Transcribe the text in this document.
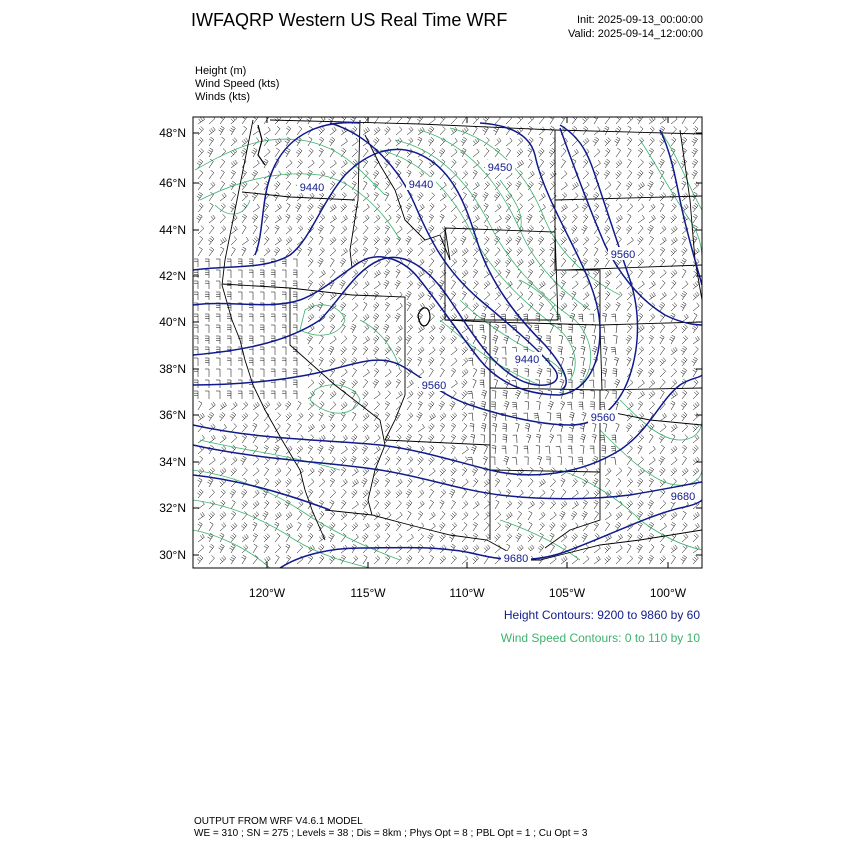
IWFAQRP Western US Real Time WRF	Init: 2025-09-13_00:00:00
Valid: 2025-09-14_12:00:00
Height (m)
Wind Speed (kts)
Winds (kts)
48°N
46°N
44°N
42°N
40°N
38°N
36°N
34°N
32°N
30°N
120°W	115°W	110°W	105°W	100°W
9440	9440
9450
9560
9440
9560
9560
9680
9680
Height Contours: 9200 to 9860 by 60
Wind Speed Contours: 0 to 110 by 10
OUTPUT FROM WRF V4.6.1 MODEL
WE = 310 ; SN = 275 ; Levels = 38 ; Dis = 8km ; Phys Opt = 8 ; PBL Opt = 1 ; Cu Opt = 3
